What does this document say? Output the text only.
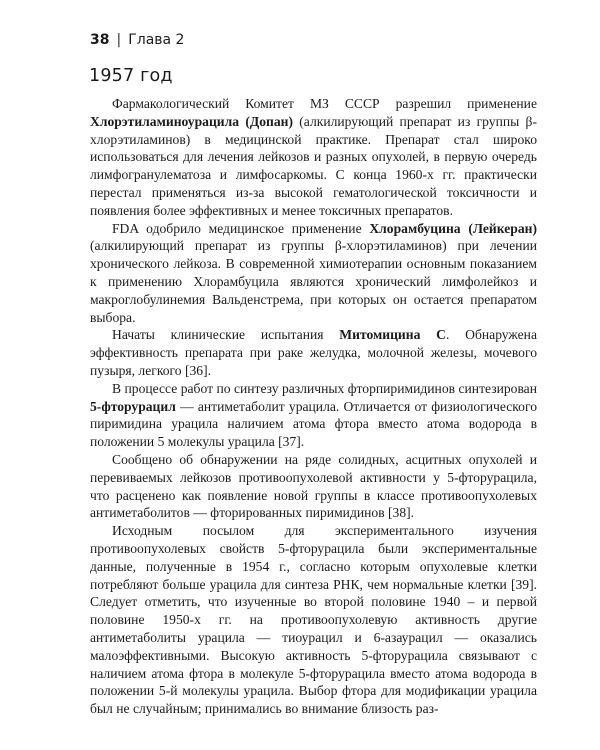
38 | Глава 2
1957 год

Фармакологический Комитет МЗ СССР разрешил применение Хлорэтиламиноурацила (Допан) (алкилирующий препарат из группы β-хлорэтиламинов) в медицинской практике. Препарат стал широко использоваться для лечения лейкозов и разных опухолей, в первую очередь лимфогранулематоза и лимфосаркомы. С конца 1960-х гг. практически перестал применяться из-за высокой гематологической токсичности и появления более эффективных и менее токсичных препаратов.

FDA одобрило медицинское применение Хлорамбуцина (Лейкеран) (алкилирующий препарат из группы β-хлорэтиламинов) при лечении хронического лейкоза. В современной химиотерапии основным показанием к применению Хлорамбуцила являются хронический лимфолейкоз и макроглобулинемия Вальденстрема, при которых он остается препаратом выбора.

Начаты клинические испытания Митомицина С. Обнаружена эффективность препарата при раке желудка, молочной железы, мочевого пузыря, легкого [36].

В процессе работ по синтезу различных фторпиримидинов синтезирован 5-фторурацил — антиметаболит урацила. Отличается от физиологического пиримидина урацила наличием атома фтора вместо атома водорода в положении 5 молекулы урацила [37].

Сообщено об обнаружении на ряде солидных, асцитных опухолей и перевиваемых лейкозов противоопухолевой активности у 5-фторурацила, что расценено как появление новой группы в классе противоопухолевых антиметаболитов — фторированных пиримидинов [38].

Исходным посылом для экспериментального изучения противоопухолевых свойств 5-фторурацила были экспериментальные данные, полученные в 1954 г., согласно которым опухолевые клетки потребляют больше урацила для синтеза РНК, чем нормальные клетки [39]. Следует отметить, что изученные во второй половине 1940 – и первой половине 1950-х гг. на противоопухолевую активность другие антиметаболиты урацила — тиоурацил и 6-азаурацил — оказались малоэффективными. Высокую активность 5-фторурацила связывают с наличием атома фтора в молекуле 5-фторурацила вместо атома водорода в положении 5-й молекулы урацила. Выбор фтора для модификации урацила был не случайным; принимались во внимание близость раз-
